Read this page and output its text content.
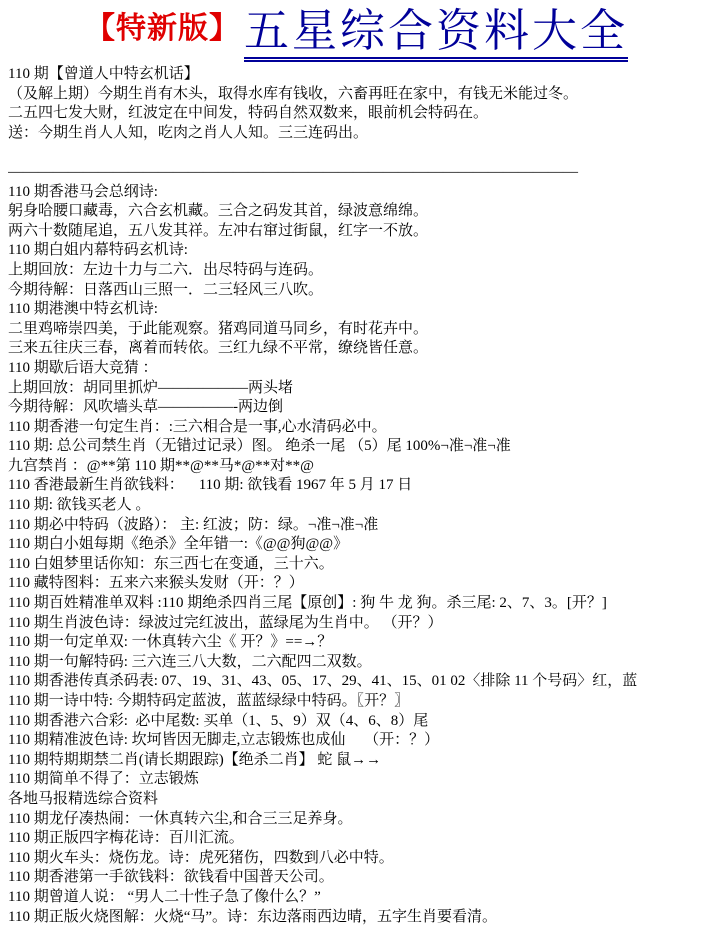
【特新版】 五星综合资料大全
110 期【曾道人中特玄机话】
（及解上期）今期生肖有木头，取得水库有钱收，六畜再旺在家中，有钱无米能过冬。
二五四七发大财，红波定在中间发，特码自然双数来，眼前机会特码在。
送：今期生肖人人知，吃肉之肖人人知。三三连码出。

——————————————————————————————————————
110 期香港马会总纲诗:
躬身哈腰口藏毒，六合玄机藏。三合之码发其首，绿波意绵绵。
两六十数随尾追，五八发其祥。左冲右窜过街鼠，红字一不放。
110 期白姐内幕特码玄机诗:
上期回放：左边十力与二六．出尽特码与连码。
今期待解：日落西山三照一．二三轻风三八吹。
110 期港澳中特玄机诗:
二里鸡啼崇四美，于此能观察。猪鸡同道马同乡，有时花卉中。
三来五往庆三春，离着而转依。三红九绿不平常，缭绕皆任意。
110 期歇后语大竞猜 ：
上期回放：胡同里抓炉——————两头堵
今期待解：风吹墙头草—————-两边倒
110 期香港一句定生肖：:三六相合是一事,心水清码必中。
110 期: 总公司禁生肖（无错过记录）图。 绝杀一尾 （5）尾 100%¬准¬准¬准
九宫禁肖 ：@**第 110 期**@**马*@**对**@
110 香港最新生肖欲钱料：    110 期: 欲钱看 1967 年 5 月 17 日
110 期: 欲钱买老人 。
110 期必中特码（波路）： 主: 红波；防：绿。¬准¬准¬准
110 期白小姐每期《绝杀》全年错一:《@@狗@@》
110 白姐梦里话你知：东三西七在变通，三十六。
110 藏特图料：五来六来猴头发财（开：？）
110 期百姓精准单双料 :110 期绝杀四肖三尾【原创】: 狗 牛 龙 狗。杀三尾: 2、7、3。[开？]
110 期生肖波色诗：绿波过完红波出，蓝绿尾为生肖中。 （开？）
110 期一句定单双: 一休真转六尘《 开？》==→？
110 期一句解特码: 三六连三八大数，二六配四二双数。
110 期香港传真杀码表: 07、19、31、43、05、17、29、41、15、01 02〈排除 11 个号码〉红，蓝
110 期一诗中特: 今期特码定蓝波，蓝蓝绿绿中特码。〖开？〗
110 期香港六合彩:  必中尾数: 买单（1、5、9）双（4、6、8）尾
110 期精准波色诗: 坎坷皆因无脚走,立志锻炼也成仙     （开：？）
110 期特期期禁二肖(请长期跟踪)【绝杀二肖】 蛇 鼠→→
110 期简单不得了：立志锻炼
各地马报精选综合资料
110 期龙仔凑热闹：一休真转六尘,和合三三足养身。
110 期正版四字梅花诗：百川汇流。
110 期火车头：烧伤龙。诗：虎死猪伤，四数到八必中特。
110 期香港第一手欲钱料：欲钱看中国普天公司。
110 期曾道人说： “男人二十性子急了像什么？”
110 期正版火烧图解：火烧“马”。诗：东边落雨西边晴，五字生肖要看清。
